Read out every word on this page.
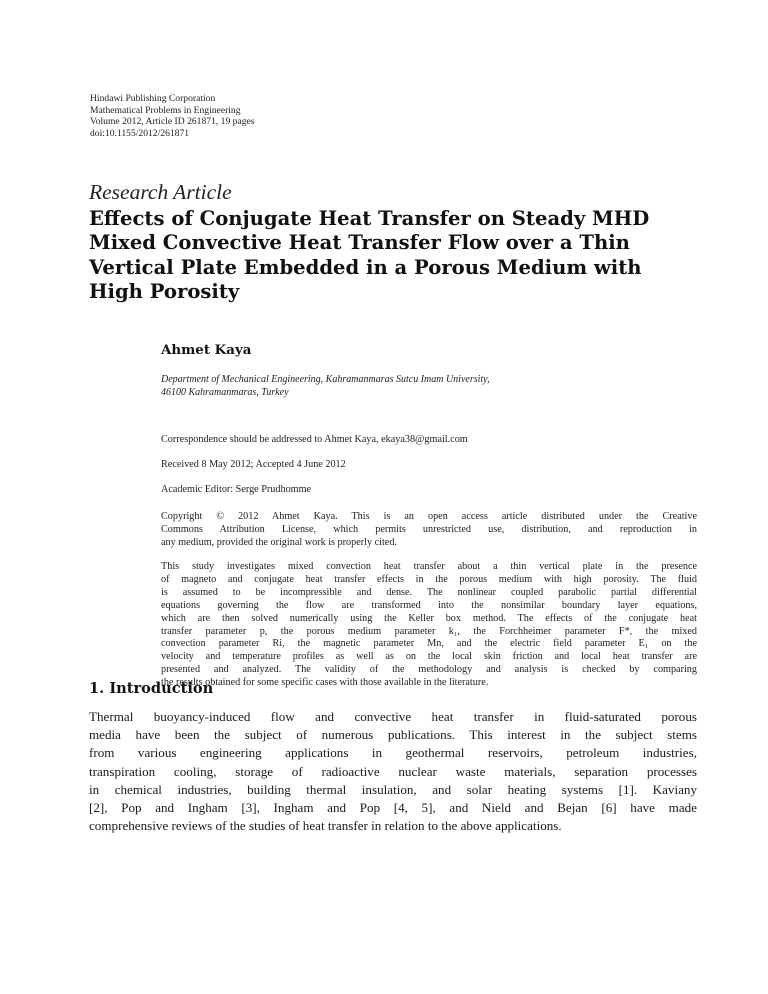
Hindawi Publishing Corporation
Mathematical Problems in Engineering
Volume 2012, Article ID 261871, 19 pages
doi:10.1155/2012/261871
Research Article
Effects of Conjugate Heat Transfer on Steady MHD
Mixed Convective Heat Transfer Flow over a Thin
Vertical Plate Embedded in a Porous Medium with
High Porosity
Ahmet Kaya
Department of Mechanical Engineering, Kahramanmaras Sutcu Imam University,
46100 Kahramanmaras, Turkey
Correspondence should be addressed to Ahmet Kaya, ekaya38@gmail.com
Received 8 May 2012; Accepted 4 June 2012
Academic Editor: Serge Prudhomme
Copyright © 2012 Ahmet Kaya. This is an open access article distributed under the Creative
Commons Attribution License, which permits unrestricted use, distribution, and reproduction in
any medium, provided the original work is properly cited.
This study investigates mixed convection heat transfer about a thin vertical plate in the presence
of magneto and conjugate heat transfer effects in the porous medium with high porosity. The fluid
is assumed to be incompressible and dense. The nonlinear coupled parabolic partial differential
equations governing the flow are transformed into the nonsimilar boundary layer equations,
which are then solved numerically using the Keller box method. The effects of the conjugate heat
transfer parameter p, the porous medium parameter k₁, the Forchheimer parameter F*, the mixed
convection parameter Ri, the magnetic parameter Mn, and the electric field parameter E₁ on the
velocity and temperature profiles as well as on the local skin friction and local heat transfer are
presented and analyzed. The validity of the methodology and analysis is checked by comparing
the results obtained for some specific cases with those available in the literature.
1. Introduction
Thermal buoyancy-induced flow and convective heat transfer in fluid-saturated porous
media have been the subject of numerous publications. This interest in the subject stems
from various engineering applications in geothermal reservoirs, petroleum industries,
transpiration cooling, storage of radioactive nuclear waste materials, separation processes
in chemical industries, building thermal insulation, and solar heating systems [1]. Kaviany
[2], Pop and Ingham [3], Ingham and Pop [4, 5], and Nield and Bejan [6] have made
comprehensive reviews of the studies of heat transfer in relation to the above applications.
